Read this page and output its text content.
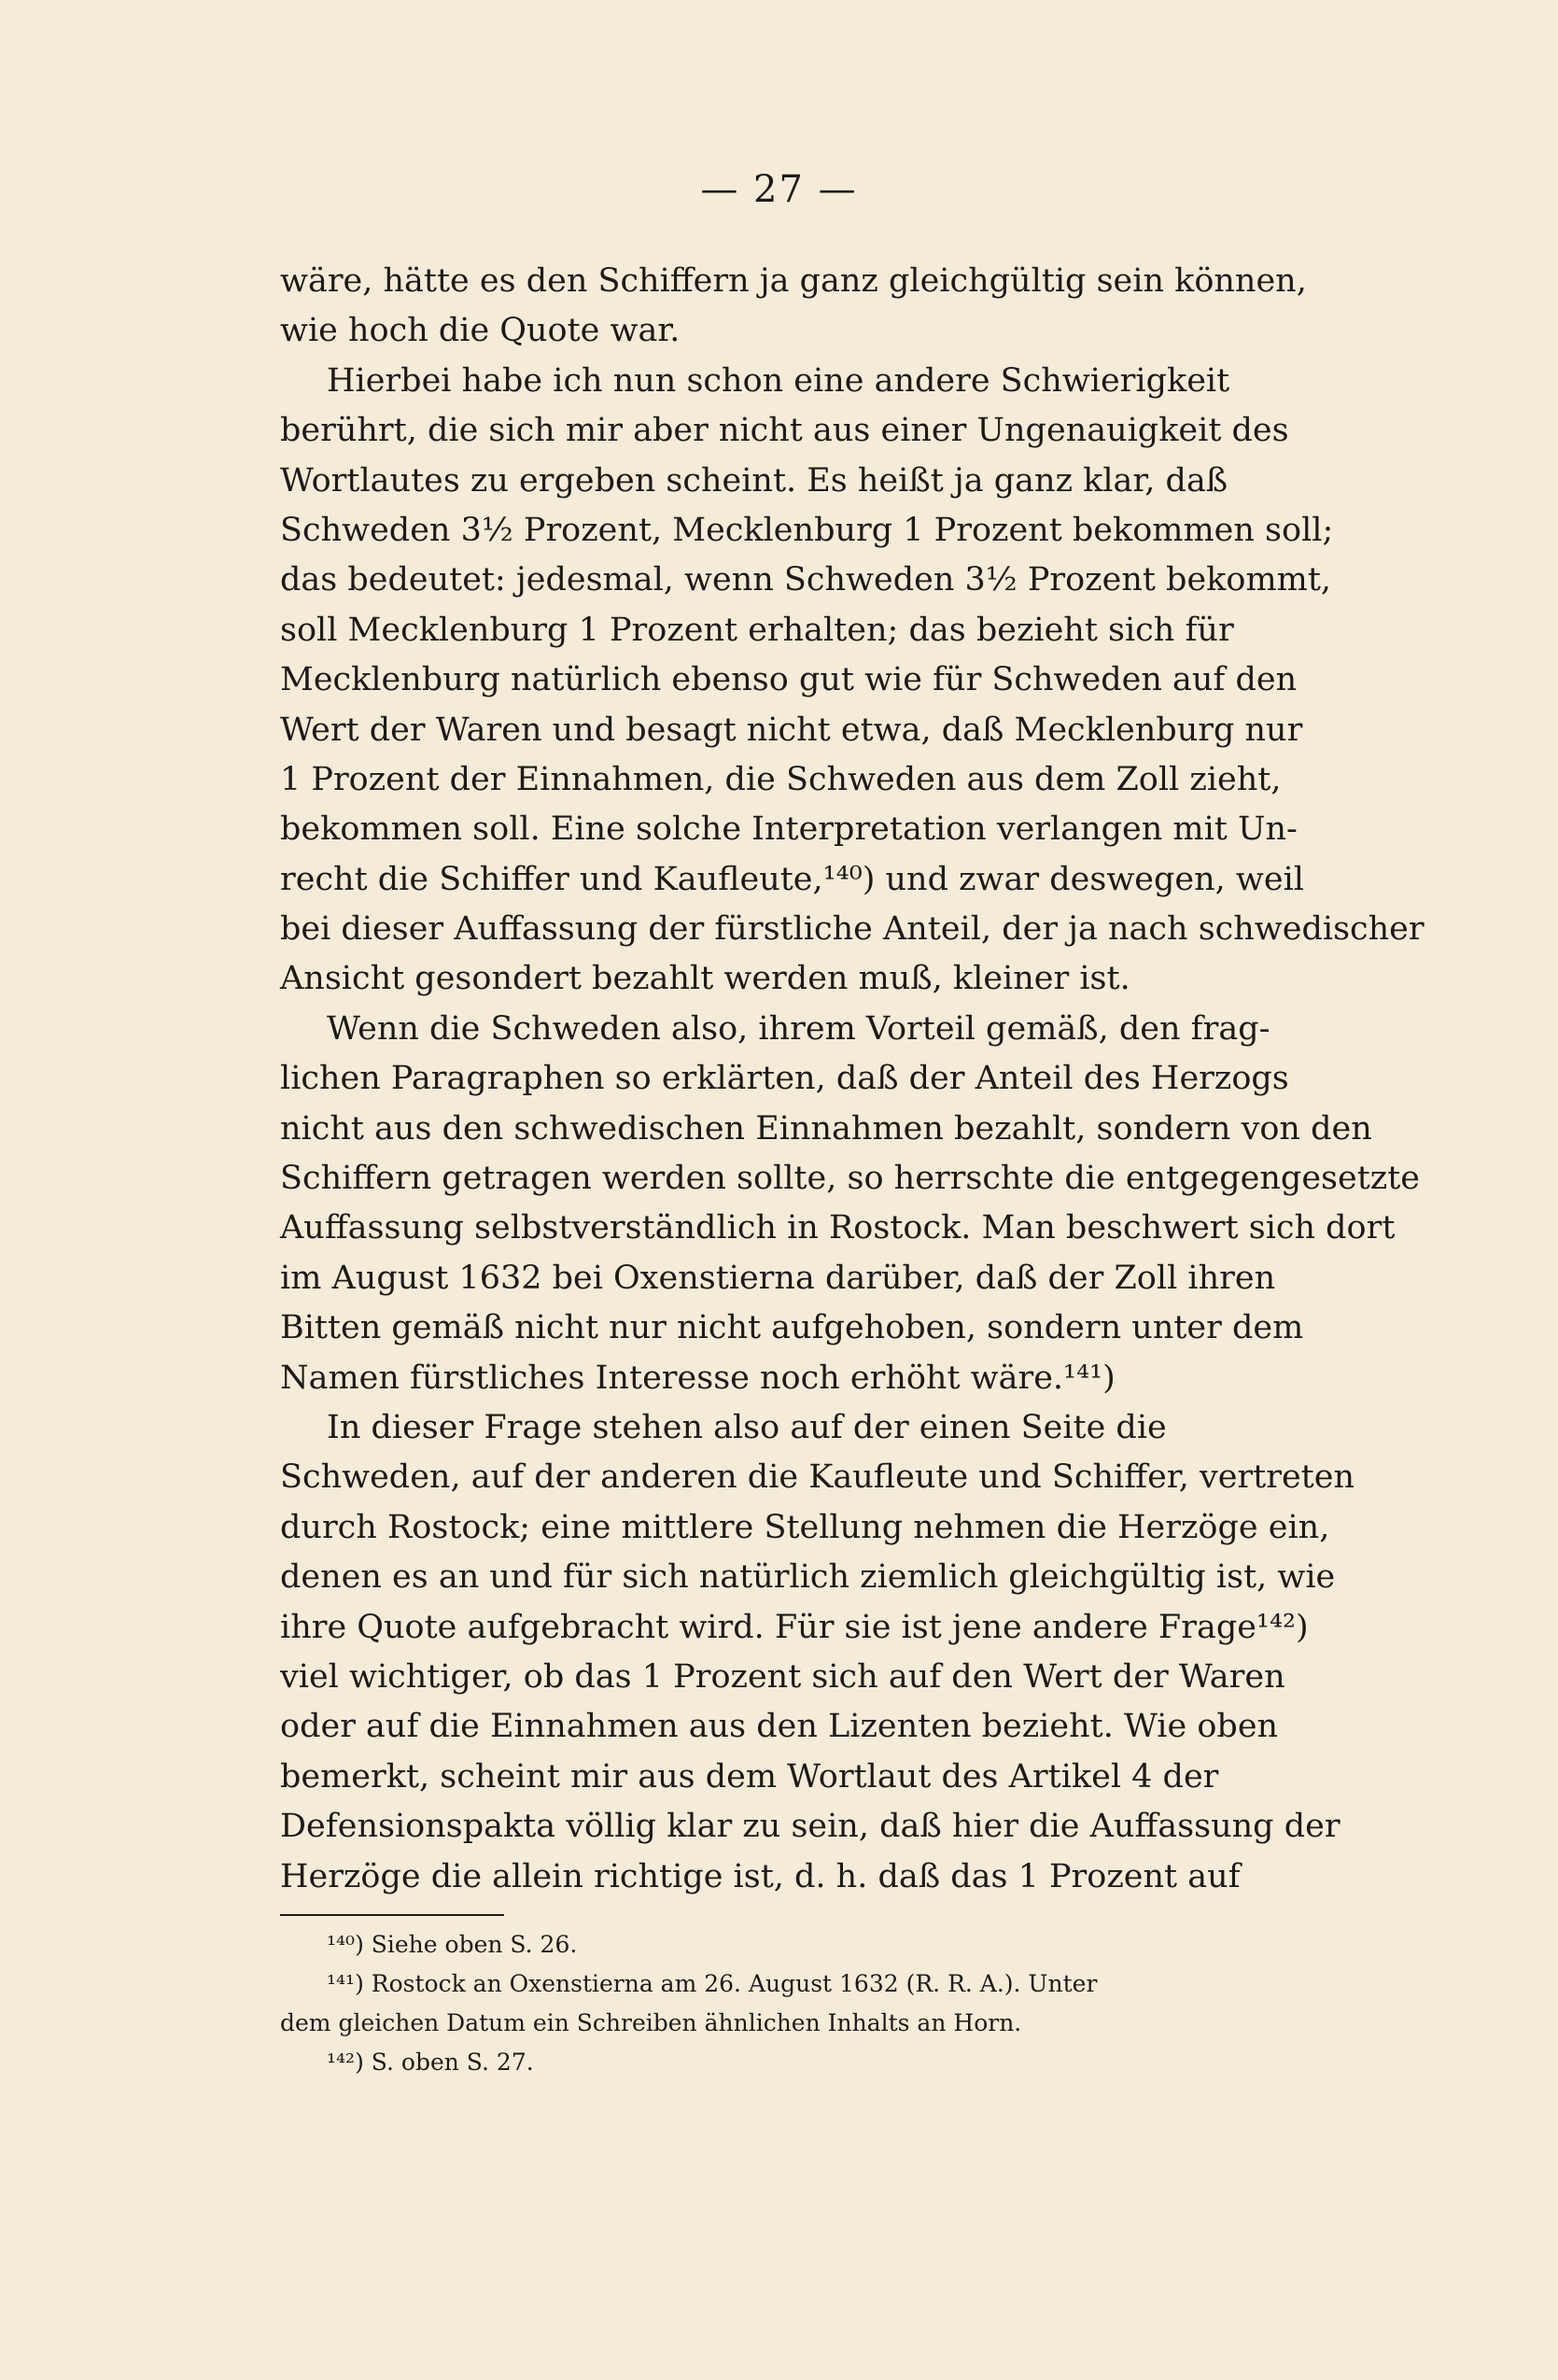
— 27 —
wäre, hätte es den Schiffern ja ganz gleichgültig sein können,
wie hoch die Quote war.
Hierbei habe ich nun schon eine andere Schwierigkeit
berührt, die sich mir aber nicht aus einer Ungenauigkeit des
Wortlautes zu ergeben scheint. Es heißt ja ganz klar, daß
Schweden 3½ Prozent, Mecklenburg 1 Prozent bekommen soll;
das bedeutet: jedesmal, wenn Schweden 3½ Prozent bekommt,
soll Mecklenburg 1 Prozent erhalten; das bezieht sich für
Mecklenburg natürlich ebenso gut wie für Schweden auf den
Wert der Waren und besagt nicht etwa, daß Mecklenburg nur
1 Prozent der Einnahmen, die Schweden aus dem Zoll zieht,
bekommen soll. Eine solche Interpretation verlangen mit Un-
recht die Schiffer und Kaufleute,¹⁴⁰) und zwar deswegen, weil
bei dieser Auffassung der fürstliche Anteil, der ja nach schwedischer
Ansicht gesondert bezahlt werden muß, kleiner ist.
Wenn die Schweden also, ihrem Vorteil gemäß, den frag-
lichen Paragraphen so erklärten, daß der Anteil des Herzogs
nicht aus den schwedischen Einnahmen bezahlt, sondern von den
Schiffern getragen werden sollte, so herrschte die entgegengesetzte
Auffassung selbstverständlich in Rostock. Man beschwert sich dort
im August 1632 bei Oxenstierna darüber, daß der Zoll ihren
Bitten gemäß nicht nur nicht aufgehoben, sondern unter dem
Namen fürstliches Interesse noch erhöht wäre.¹⁴¹)
In dieser Frage stehen also auf der einen Seite die
Schweden, auf der anderen die Kaufleute und Schiffer, vertreten
durch Rostock; eine mittlere Stellung nehmen die Herzöge ein,
denen es an und für sich natürlich ziemlich gleichgültig ist, wie
ihre Quote aufgebracht wird. Für sie ist jene andere Frage¹⁴²)
viel wichtiger, ob das 1 Prozent sich auf den Wert der Waren
oder auf die Einnahmen aus den Lizenten bezieht. Wie oben
bemerkt, scheint mir aus dem Wortlaut des Artikel 4 der
Defensionspakta völlig klar zu sein, daß hier die Auffassung der
Herzöge die allein richtige ist, d. h. daß das 1 Prozent auf
¹⁴⁰) Siehe oben S. 26.
¹⁴¹) Rostock an Oxenstierna am 26. August 1632 (R. R. A.). Unter
dem gleichen Datum ein Schreiben ähnlichen Inhalts an Horn.
¹⁴²) S. oben S. 27.
